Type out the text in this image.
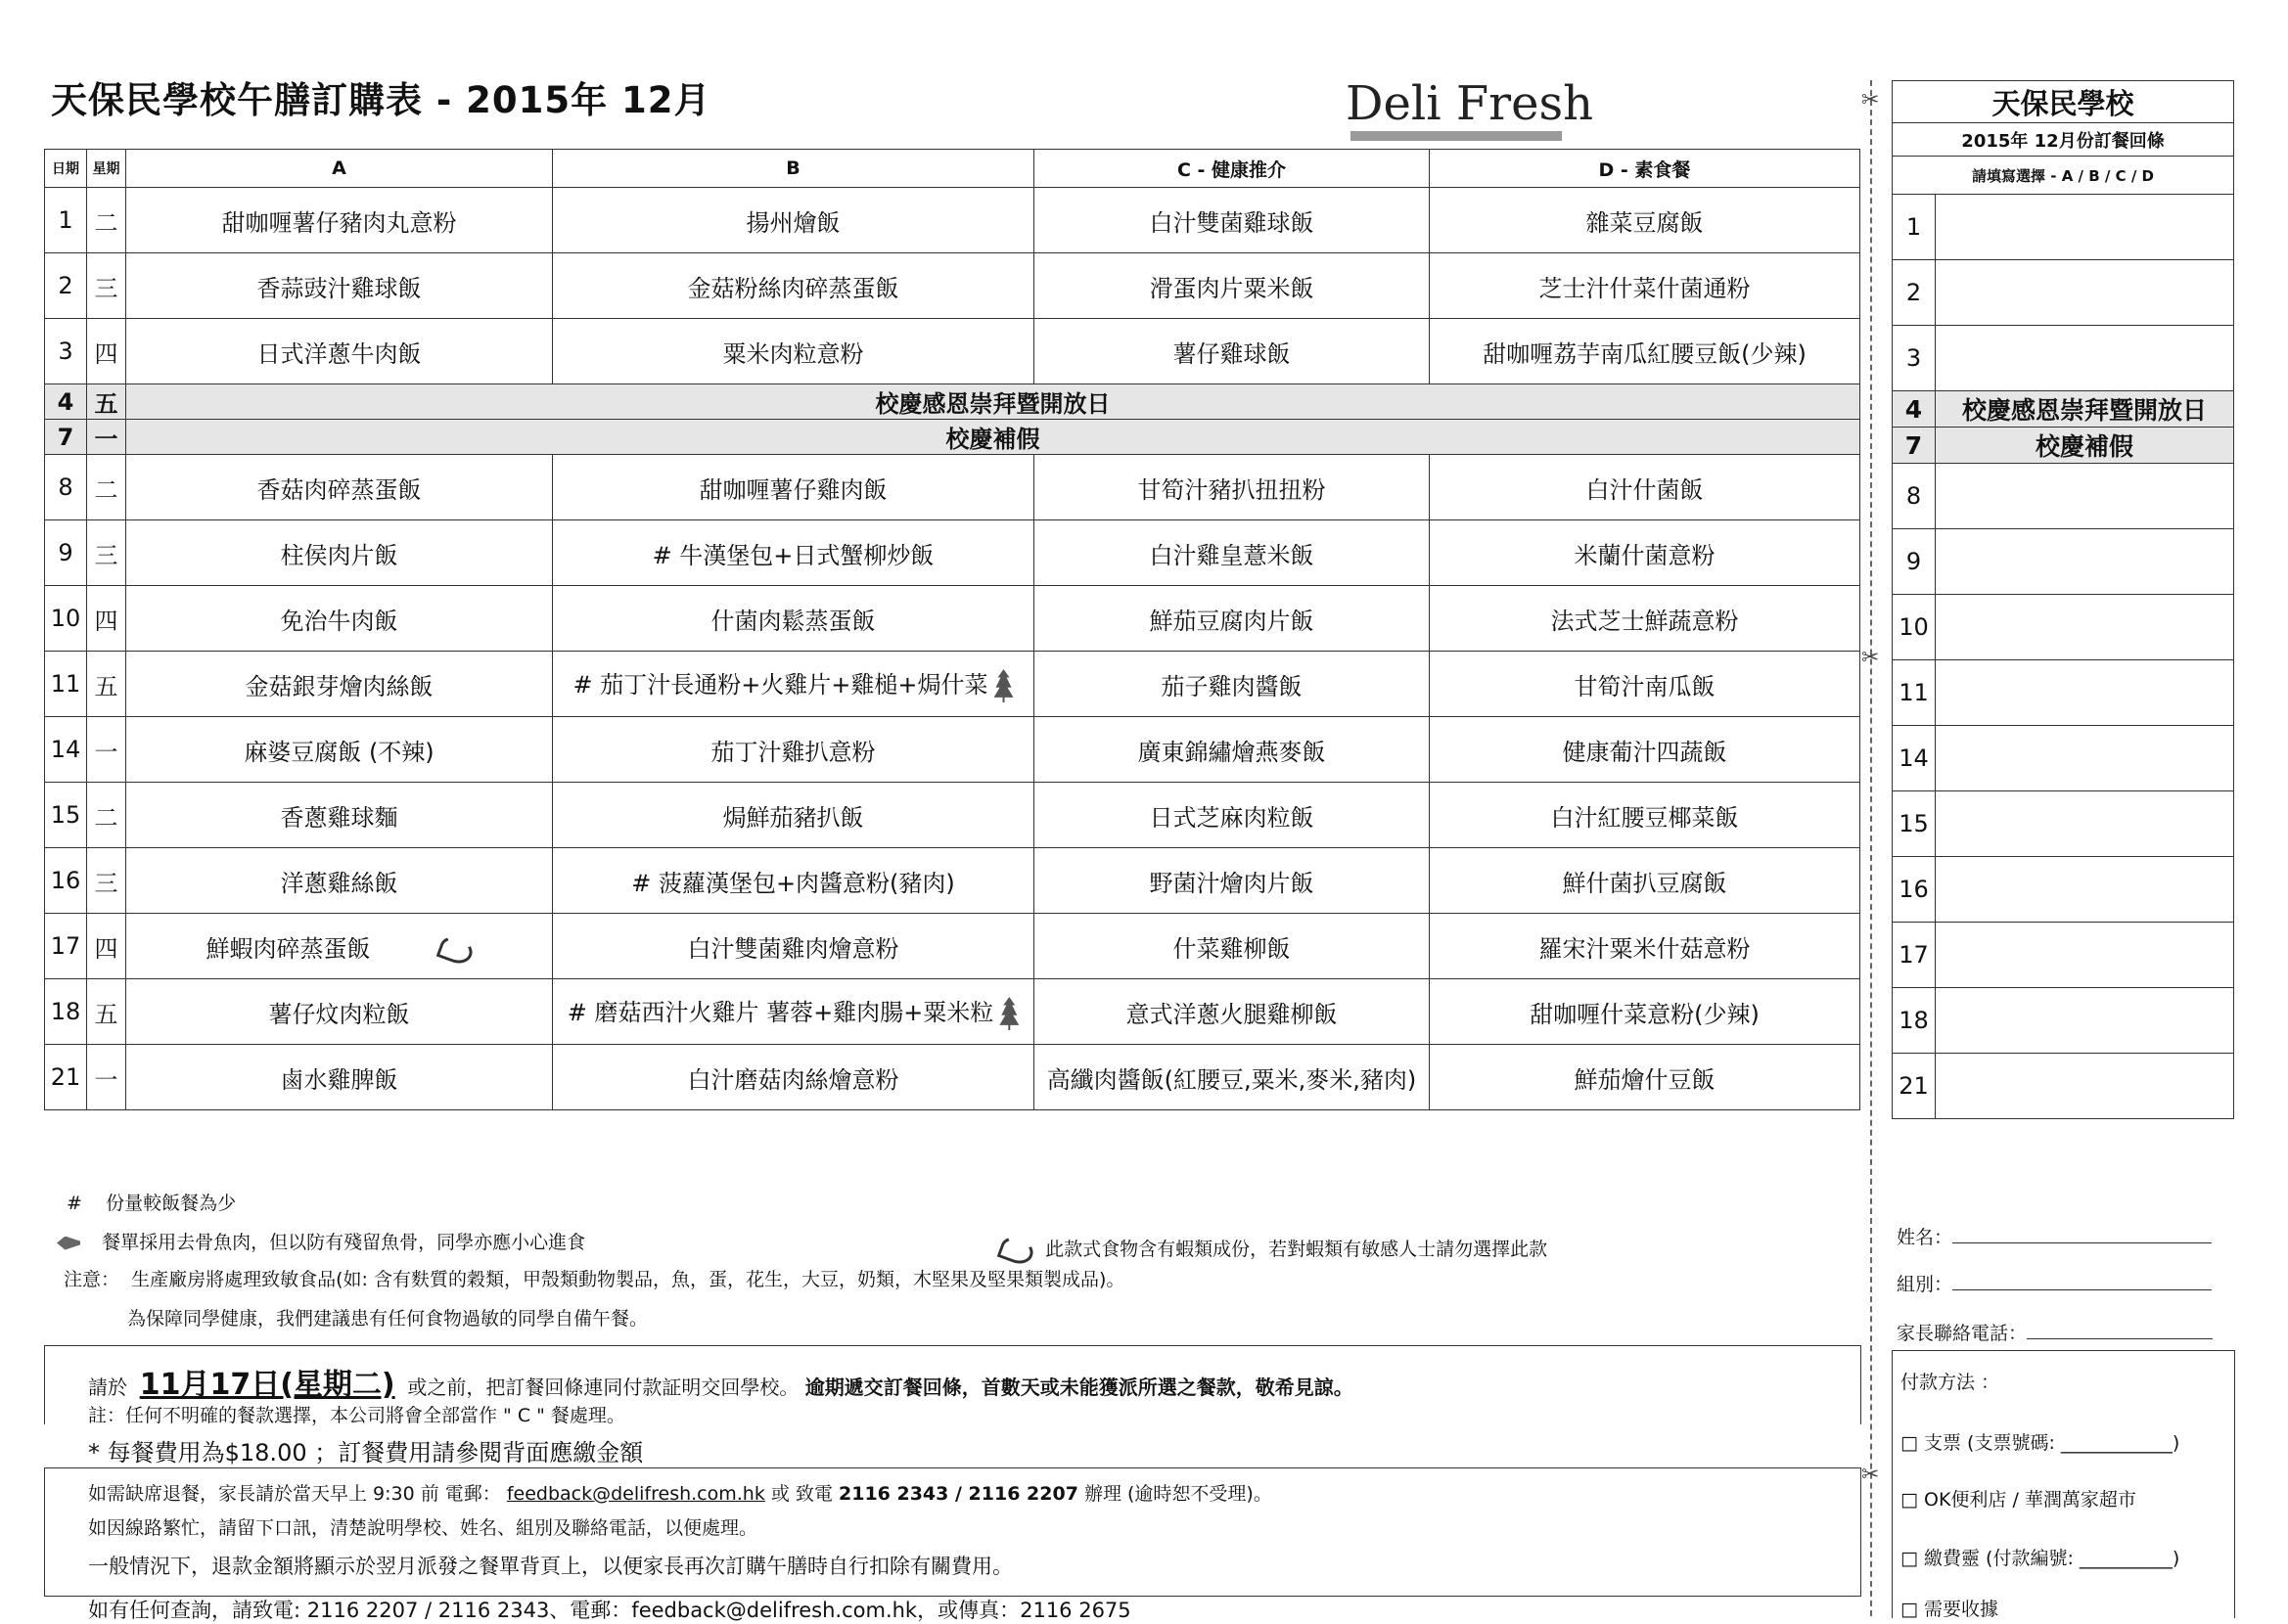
天保民學校午膳訂購表 - 2015年 12月	Deli Fresh
日期	星期	A	B	C - 健康推介	D - 素食餐
1	二	甜咖喱薯仔豬肉丸意粉	揚州燴飯	白汁雙菌雞球飯	雜菜豆腐飯
2	三	香蒜豉汁雞球飯	金菇粉絲肉碎蒸蛋飯	滑蛋肉片粟米飯	芝士汁什菜什菌通粉
3	四	日式洋蔥牛肉飯	粟米肉粒意粉	薯仔雞球飯	甜咖喱荔芋南瓜紅腰豆飯(少辣)
4	五	校慶感恩崇拜暨開放日			
7	一	校慶補假			
8	二	香菇肉碎蒸蛋飯	甜咖喱薯仔雞肉飯	甘筍汁豬扒扭扭粉	白汁什菌飯
9	三	柱侯肉片飯	# 牛漢堡包+日式蟹柳炒飯	白汁雞皇薏米飯	米蘭什菌意粉
10	四	免治牛肉飯	什菌肉鬆蒸蛋飯	鮮茄豆腐肉片飯	法式芝士鮮蔬意粉
11	五	金菇銀芽燴肉絲飯	# 茄丁汁長通粉+火雞片+雞槌+焗什菜	茄子雞肉醬飯	甘筍汁南瓜飯
14	一	麻婆豆腐飯 (不辣)	茄丁汁雞扒意粉	廣東錦繡燴燕麥飯	健康葡汁四蔬飯
15	二	香蔥雞球麵	焗鮮茄豬扒飯	日式芝麻肉粒飯	白汁紅腰豆椰菜飯
16	三	洋蔥雞絲飯	# 菠蘿漢堡包+肉醬意粉(豬肉)	野菌汁燴肉片飯	鮮什菌扒豆腐飯
17	四	鮮蝦肉碎蒸蛋飯	白汁雙菌雞肉燴意粉	什菜雞柳飯	羅宋汁粟米什菇意粉
18	五	薯仔炆肉粒飯	# 磨菇西汁火雞片 薯蓉+雞肉腸+粟米粒	意式洋蔥火腿雞柳飯	甜咖喱什菜意粉(少辣)
21	一	鹵水雞脾飯	白汁磨菇肉絲燴意粉	高纖肉醬飯(紅腰豆,粟米,麥米,豬肉)	鮮茄燴什豆飯
✂
✂
✂
天保民學校	
2015年 12月份訂餐回條	
請填寫選擇 - A / B / C / D	
1	
2	
3	
4	校慶感恩崇拜暨開放日
7	校慶補假
8	
9	
10	
11	
14	
15	
16	
17	
18	
21	
# 份量較飯餐為少
餐單採用去骨魚肉，但以防有殘留魚骨，同學亦應小心進食	此款式食物含有蝦類成份，若對蝦類有敏感人士請勿選擇此款
注意： 生產廠房將處理致敏食品(如: 含有麩質的穀類，甲殼類動物製品，魚，蛋，花生，大豆，奶類，木堅果及堅果類製成品)。
為保障同學健康，我們建議患有任何食物過敏的同學自備午餐。
請於 11月17日(星期二) 或之前，把訂餐回條連同付款証明交回學校。 逾期遞交訂餐回條，首數天或未能獲派所選之餐款，敬希見諒。
註：任何不明確的餐款選擇，本公司將會全部當作 " C " 餐處理。
* 每餐費用為$18.00 ；訂餐費用請參閱背面應繳金額
如需缺席退餐，家長請於當天早上 9:30 前 電郵： feedback@delifresh.com.hk 或 致電 2116 2343 / 2116 2207 辦理 (逾時恕不受理)。
如因線路繁忙，請留下口訊，清楚說明學校、姓名、組別及聯絡電話，以便處理。
一般情況下，退款金額將顯示於翌月派發之餐單背頁上，以便家長再次訂購午膳時自行扣除有關費用。
如有任何查詢，請致電: 2116 2207 / 2116 2343、電郵：feedback@delifresh.com.hk，或傳真：2116 2675
姓名：
組別：
家長聯絡電話：
付款方法 ：
□ 支票 (支票號碼: ____________)
□ OK便利店 / 華潤萬家超市
□ 繳費靈 (付款編號: __________)
□ 需要收據
